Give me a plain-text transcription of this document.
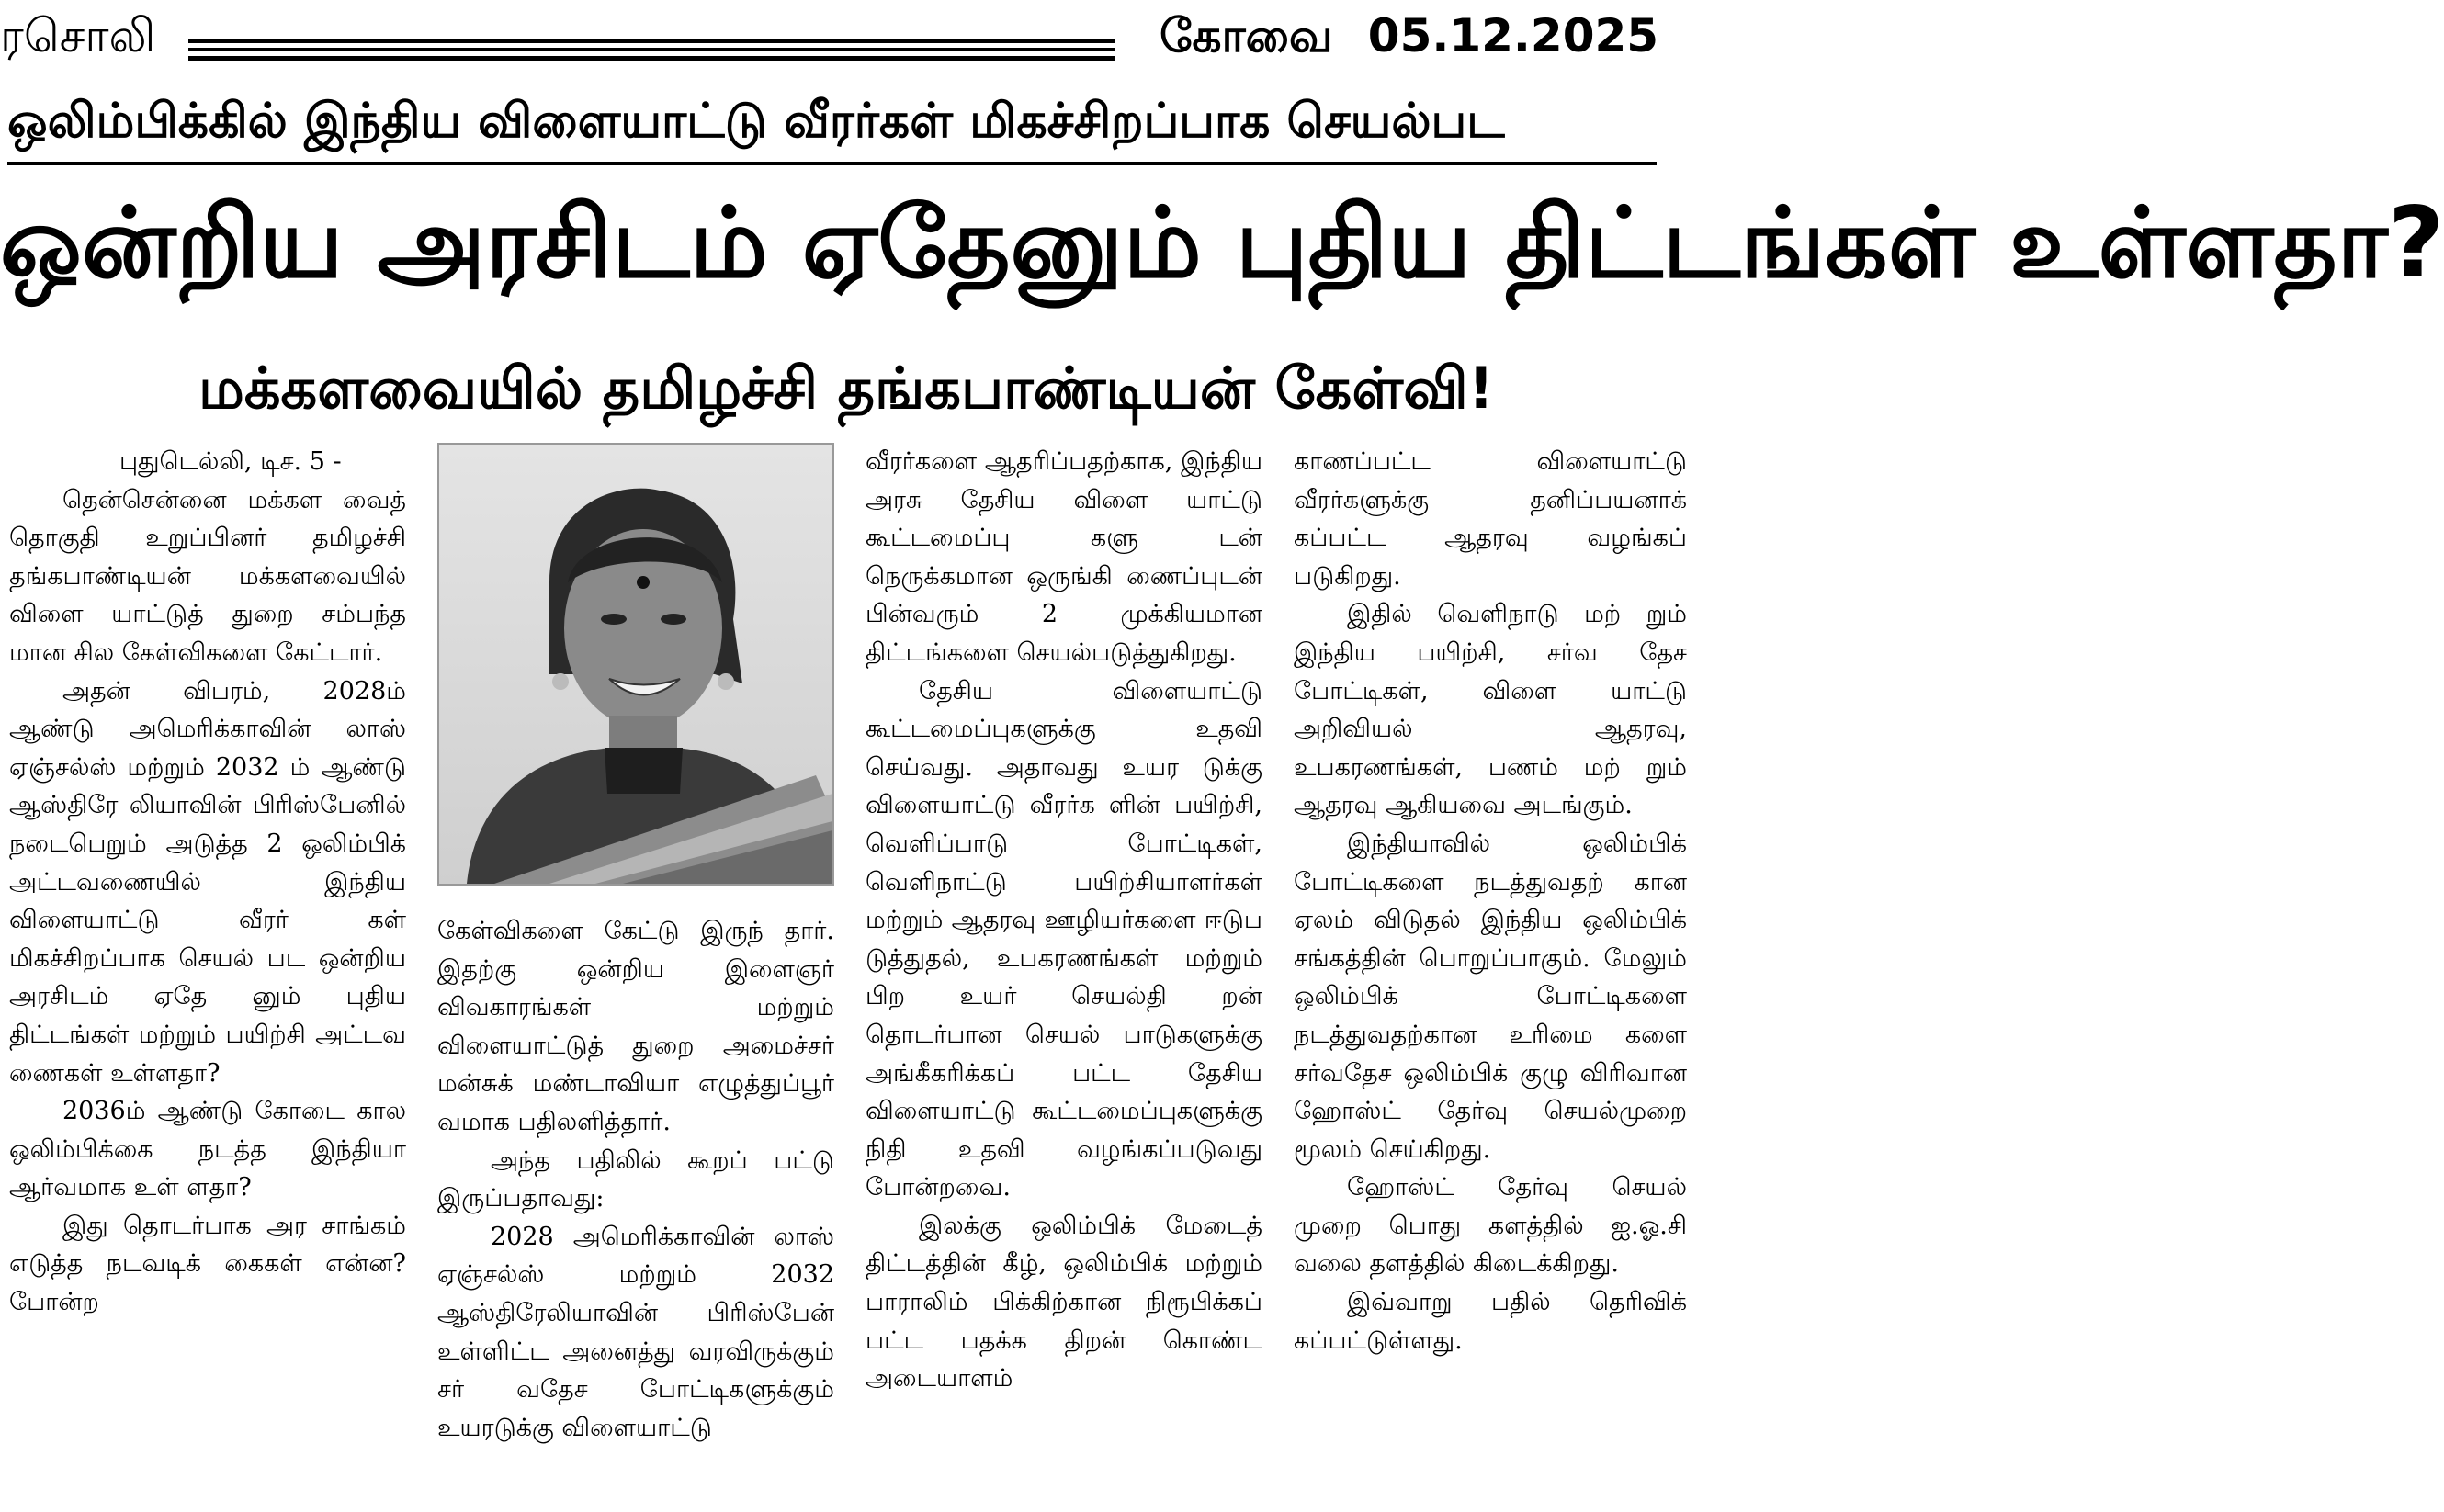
ரசொலி	கோவை 05.12.2025
ஒலிம்பிக்கில் இந்திய விளையாட்டு வீரர்கள் மிகச்சிறப்பாக செயல்பட
ஒன்றிய அரசிடம் ஏதேனும் புதிய திட்டங்கள் உள்ளதா?
மக்களவையில் தமிழச்சி தங்கபாண்டியன் கேள்வி!

புதுடெல்லி, டிச. 5 -

தென்சென்னை மக்கள வைத் தொகுதி உறுப்பினர் தமிழச்சி தங்கபாண்டியன் மக்களவையில் விளை யாட்டுத் துறை சம்பந்த மான சில கேள்விகளை கேட்டார்.

அதன் விபரம், 2028ம் ஆண்டு அமெரிக்காவின் லாஸ் ஏஞ்சல்ஸ் மற்றும் 2032 ம் ஆண்டு ஆஸ்திரே லியாவின் பிரிஸ்பேனில் நடைபெறும் அடுத்த 2 ஒலிம்பிக் அட்டவணையில் இந்திய விளையாட்டு வீரர் கள் மிகச்சிறப்பாக செயல் பட ஒன்றிய அரசிடம் ஏதே னும் புதிய திட்டங்கள் மற்றும் பயிற்சி அட்டவ ணைகள் உள்ளதா?

2036ம் ஆண்டு கோடை கால ஒலிம்பிக்கை நடத்த இந்தியா ஆர்வமாக உள் ளதா?

இது தொடர்பாக அர சாங்கம் எடுத்த நடவடிக் கைகள் என்ன? போன்ற

கேள்விகளை கேட்டு இருந் தார். இதற்கு ஒன்றிய இளைஞர் விவகாரங்கள் மற்றும் விளையாட்டுத் துறை அமைச்சர் மன்சுக் மண்டாவியா எழுத்துப்பூர் வமாக பதிலளித்தார்.

அந்த பதிலில் கூறப் பட்டு இருப்பதாவது:

2028 அமெரிக்காவின் லாஸ் ஏஞ்சல்ஸ் மற்றும் 2032 ஆஸ்திரேலியாவின் பிரிஸ்பேன் உள்ளிட்ட அனைத்து வரவிருக்கும் சர் வதேச போட்டிகளுக்கும் உயரடுக்கு விளையாட்டு

வீரர்களை ஆதரிப்பதற்காக, இந்திய அரசு தேசிய விளை யாட்டு கூட்டமைப்பு களு டன் நெருக்கமான ஒருங்கி ணைப்புடன் பின்வரும் 2 முக்கியமான திட்டங்களை செயல்படுத்துகிறது.

தேசிய விளையாட்டு கூட்டமைப்புகளுக்கு உதவி செய்வது. அதாவது உயர டுக்கு விளையாட்டு வீரர்க ளின் பயிற்சி, வெளிப்பாடு போட்டிகள், வெளிநாட்டு பயிற்சியாளர்கள் மற்றும் ஆதரவு ஊழியர்களை ஈடுப டுத்துதல், உபகரணங்கள் மற்றும் பிற உயர் செயல்தி றன் தொடர்பான செயல் பாடுகளுக்கு அங்கீகரிக்கப் பட்ட தேசிய விளையாட்டு கூட்டமைப்புகளுக்கு நிதி உதவி வழங்கப்படுவது போன்றவை.

இலக்கு ஒலிம்பிக் மேடைத் திட்டத்தின் கீழ், ஒலிம்பிக் மற்றும் பாராலிம் பிக்கிற்கான நிரூபிக்கப் பட்ட பதக்க திறன் கொண்ட அடையாளம்

காணப்பட்ட விளையாட்டு வீரர்களுக்கு தனிப்பயனாக் கப்பட்ட ஆதரவு வழங்கப் படுகிறது.

இதில் வெளிநாடு மற் றும் இந்திய பயிற்சி, சர்வ தேச போட்டிகள், விளை யாட்டு அறிவியல் ஆதரவு, உபகரணங்கள், பணம் மற் றும் ஆதரவு ஆகியவை அடங்கும்.

இந்தியாவில் ஒலிம்பிக் போட்டிகளை நடத்துவதற் கான ஏலம் விடுதல் இந்திய ஒலிம்பிக் சங்கத்தின் பொறுப்பாகும். மேலும் ஒலிம்பிக் போட்டிகளை நடத்துவதற்கான உரிமை களை சர்வதேச ஒலிம்பிக் குழு விரிவான ஹோஸ்ட் தேர்வு செயல்முறை மூலம் செய்கிறது.

ஹோஸ்ட் தேர்வு செயல் முறை பொது களத்தில் ஐ.ஓ.சி வலை தளத்தில் கிடைக்கிறது.

இவ்வாறு பதில் தெரிவிக் கப்பட்டுள்ளது.
